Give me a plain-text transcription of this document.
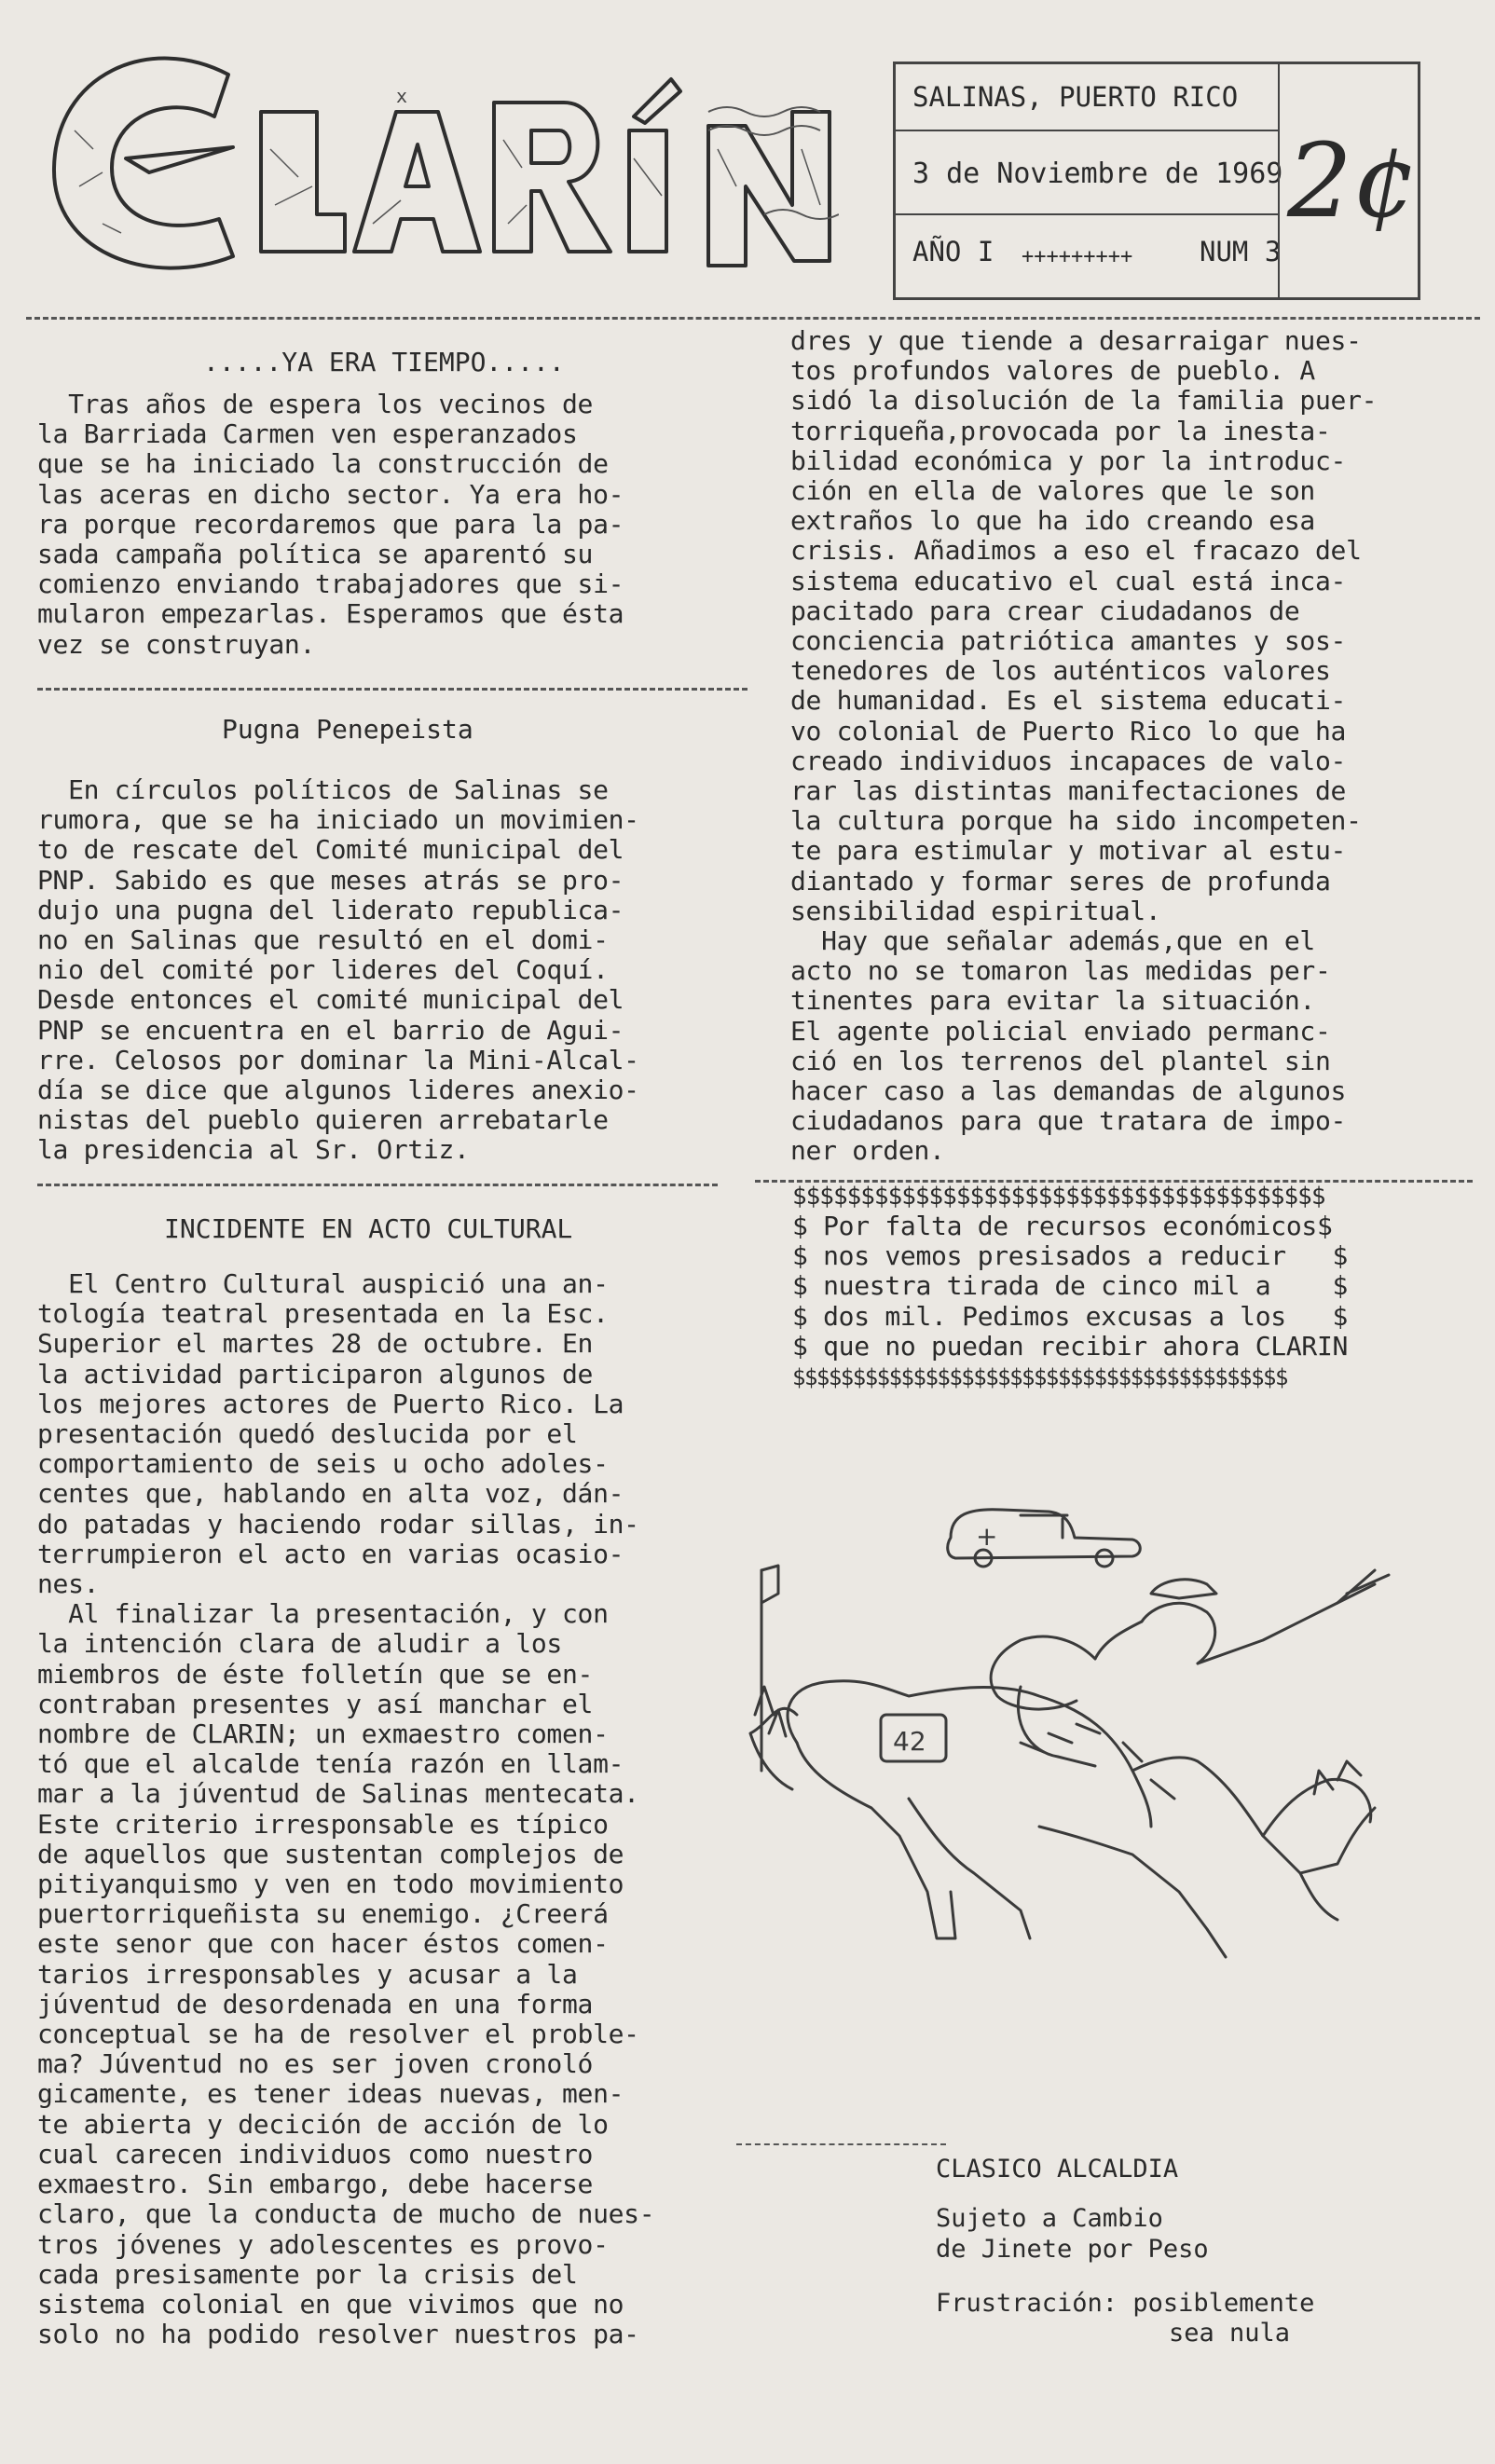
x	SALINAS, PUERTO RICO
3 de Noviembre de 1969
AÑO I +++++++++ NUM 3
2¢
.....YA ERA TIEMPO.....
Tras años de espera los vecinos de
la Barriada Carmen ven esperanzados
que se ha iniciado la construcción de
las aceras en dicho sector. Ya era ho-
ra porque recordaremos que para la pa-
sada campaña política se aparentó su
comienzo enviando trabajadores que si-
mularon empezarlas. Esperamos que ésta
vez se construyan.
Pugna Penepeista
En círculos políticos de Salinas se
rumora, que se ha iniciado un movimien-
to de rescate del Comité municipal del
PNP. Sabido es que meses atrás se pro-
dujo una pugna del liderato republica-
no en Salinas que resultó en el domi-
nio del comité por lideres del Coquí.
Desde entonces el comité municipal del
PNP se encuentra en el barrio de Agui-
rre. Celosos por dominar la Mini-Alcal-
día se dice que algunos lideres anexio-
nistas del pueblo quieren arrebatarle
la presidencia al Sr. Ortiz.
INCIDENTE EN ACTO CULTURAL
El Centro Cultural auspició una an-
tología teatral presentada en la Esc.
Superior el martes 28 de octubre. En
la actividad participaron algunos de
los mejores actores de Puerto Rico. La
presentación quedó deslucida por el
comportamiento de seis u ocho adoles-
centes que, hablando en alta voz, dán-
do patadas y haciendo rodar sillas, in-
terrumpieron el acto en varias ocasio-
nes.
Al finalizar la presentación, y con
la intención clara de aludir a los
miembros de éste folletín que se en-
contraban presentes y así manchar el
nombre de CLARIN; un exmaestro comen-
tó que el alcalde tenía razón en llam-
mar a la júventud de Salinas mentecata.
Este criterio irresponsable es típico
de aquellos que sustentan complejos de
pitiyanquismo y ven en todo movimiento
puertorriqueñista su enemigo. ¿Creerá
este senor que con hacer éstos comen-
tarios irresponsables y acusar a la
júventud de desordenada en una forma
conceptual se ha de resolver el proble-
ma? Júventud no es ser joven cronoló
gicamente, es tener ideas nuevas, men-
te abierta y decición de acción de lo
cual carecen individuos como nuestro
exmaestro. Sin embargo, debe hacerse
claro, que la conducta de mucho de nues-
tros jóvenes y adolescentes es provo-
cada presisamente por la crisis del
sistema colonial en que vivimos que no
solo no ha podido resolver nuestros pa-
dres y que tiende a desarraigar nues-
tos profundos valores de pueblo. A
sidó la disolución de la familia puer-
torriqueña,provocada por la inesta-
bilidad económica y por la introduc-
ción en ella de valores que le son
extraños lo que ha ido creando esa
crisis. Añadimos a eso el fracazo del
sistema educativo el cual está inca-
pacitado para crear ciudadanos de
conciencia patriótica amantes y sos-
tenedores de los auténticos valores
de humanidad. Es el sistema educati-
vo colonial de Puerto Rico lo que ha
creado individuos incapaces de valo-
rar las distintas manifectaciones de
la cultura porque ha sido incompeten-
te para estimular y motivar al estu-
diantado y formar seres de profunda
sensibilidad espiritual.
Hay que señalar además,que en el
acto no se tomaron las medidas per-
tinentes para evitar la situación.
El agente policial enviado permanc-
ció en los terrenos del plantel sin
hacer caso a las demandas de algunos
ciudadanos para que tratara de impo-
ner orden.
$$$$$$$$$$$$$$$$$$$$$$$$$$$$$$$$$$$$$$$
$ Por falta de recursos económicos$
$ nos vemos presisados a reducir   $
$ nuestra tirada de cinco mil a    $
$ dos mil. Pedimos excusas a los   $
$ que no puedan recibir ahora CLARIN
$$$$$$$$$$$$$$$$$$$$$$$$$$$$$$$$$$$$$$$$$
+
42
CLASICO ALCALDIA
Sujeto a Cambio
de Jinete por Peso
Frustración: posiblemente
sea nula
